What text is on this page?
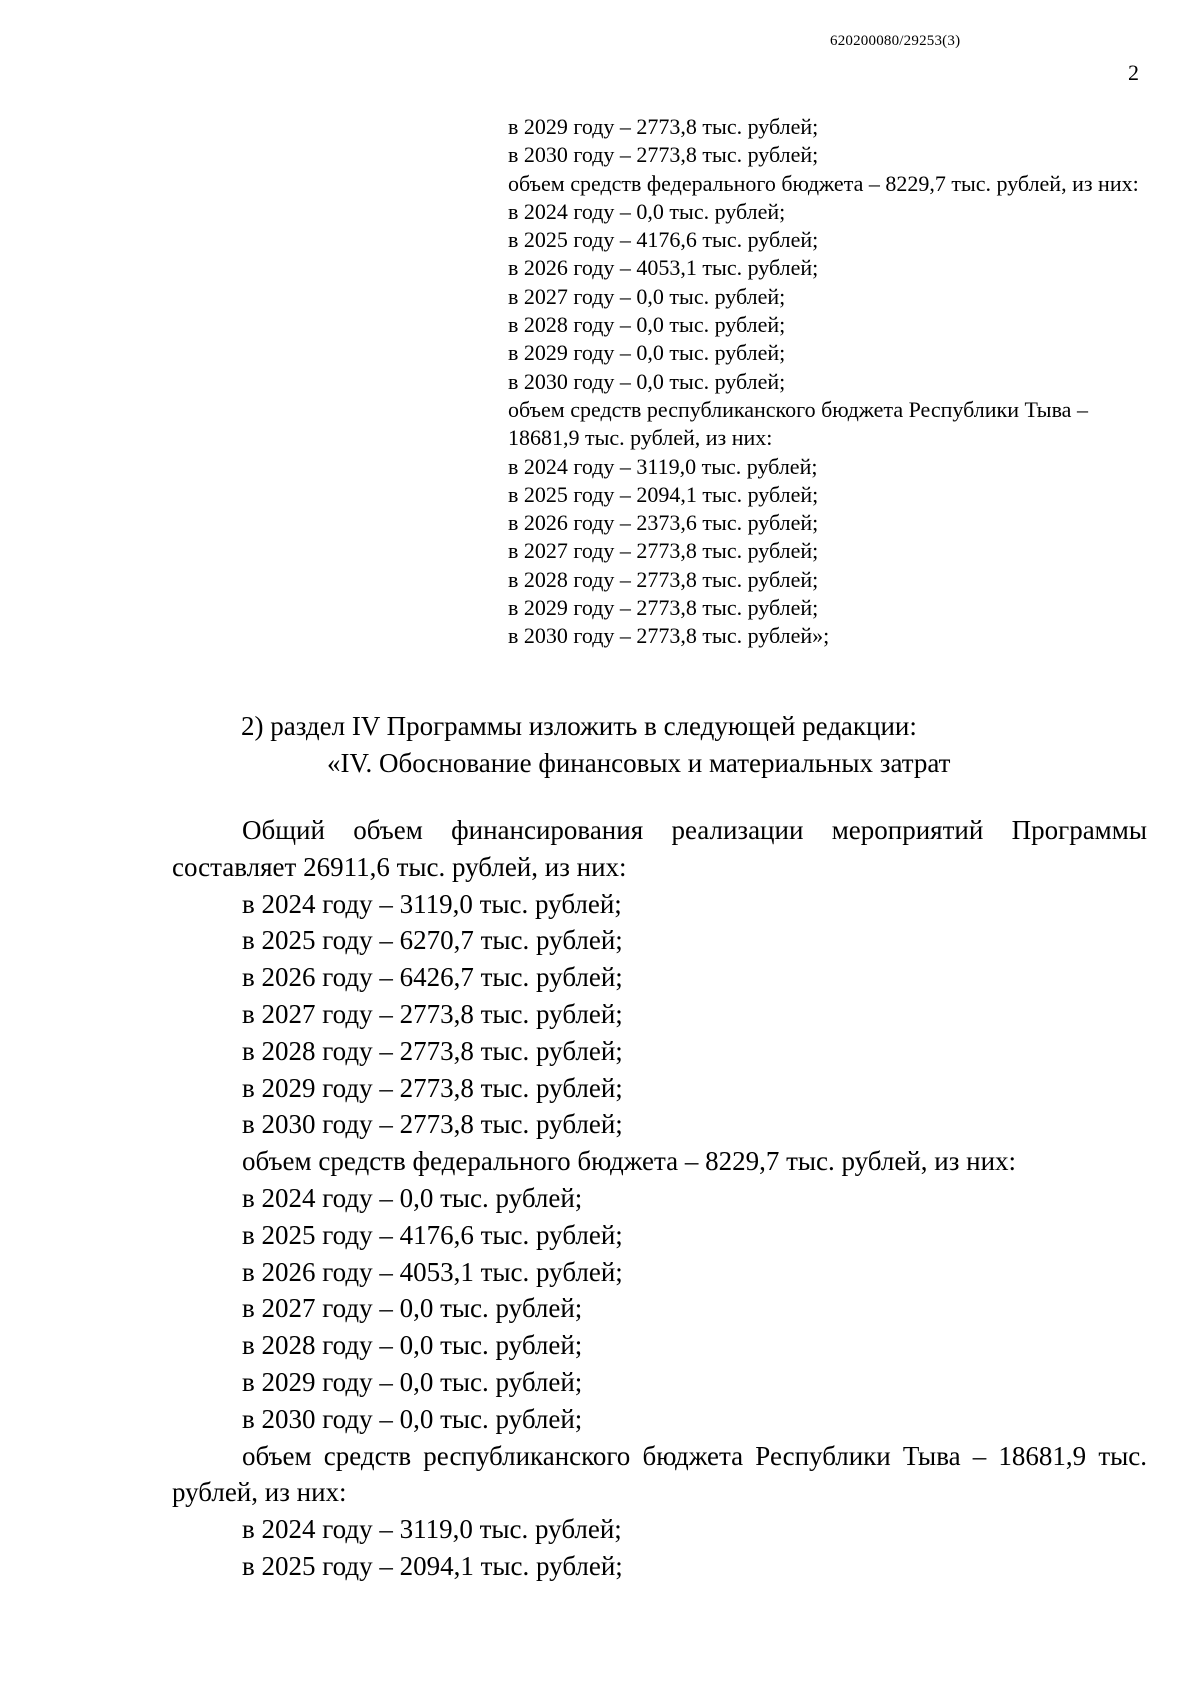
620200080/29253(3)
2
в 2029 году – 2773,8 тыс. рублей;
в 2030 году – 2773,8 тыс. рублей;
объем средств федерального бюджета – 8229,7 тыс. рублей, из них:
в 2024 году – 0,0 тыс. рублей;
в 2025 году – 4176,6 тыс. рублей;
в 2026 году – 4053,1 тыс. рублей;
в 2027 году – 0,0 тыс. рублей;
в 2028 году – 0,0 тыс. рублей;
в 2029 году – 0,0 тыс. рублей;
в 2030 году – 0,0 тыс. рублей;
объем средств республиканского бюджета Республики Тыва – 18681,9 тыс. рублей, из них:
в 2024 году – 3119,0 тыс. рублей;
в 2025 году – 2094,1 тыс. рублей;
в 2026 году – 2373,6 тыс. рублей;
в 2027 году – 2773,8 тыс. рублей;
в 2028 году – 2773,8 тыс. рублей;
в 2029 году – 2773,8 тыс. рублей;
в 2030 году – 2773,8 тыс. рублей»;
2) раздел IV Программы изложить в следующей редакции:
«IV. Обоснование финансовых и материальных затрат
Общий объем финансирования реализации мероприятий Программы составляет 26911,6 тыс. рублей, из них:
в 2024 году – 3119,0 тыс. рублей;
в 2025 году – 6270,7 тыс. рублей;
в 2026 году – 6426,7 тыс. рублей;
в 2027 году – 2773,8 тыс. рублей;
в 2028 году – 2773,8 тыс. рублей;
в 2029 году – 2773,8 тыс. рублей;
в 2030 году – 2773,8 тыс. рублей;
объем средств федерального бюджета – 8229,7 тыс. рублей, из них:
в 2024 году – 0,0 тыс. рублей;
в 2025 году – 4176,6 тыс. рублей;
в 2026 году – 4053,1 тыс. рублей;
в 2027 году – 0,0 тыс. рублей;
в 2028 году – 0,0 тыс. рублей;
в 2029 году – 0,0 тыс. рублей;
в 2030 году – 0,0 тыс. рублей;
объем средств республиканского бюджета Республики Тыва – 18681,9 тыс. рублей, из них:
в 2024 году – 3119,0 тыс. рублей;
в 2025 году – 2094,1 тыс. рублей;
